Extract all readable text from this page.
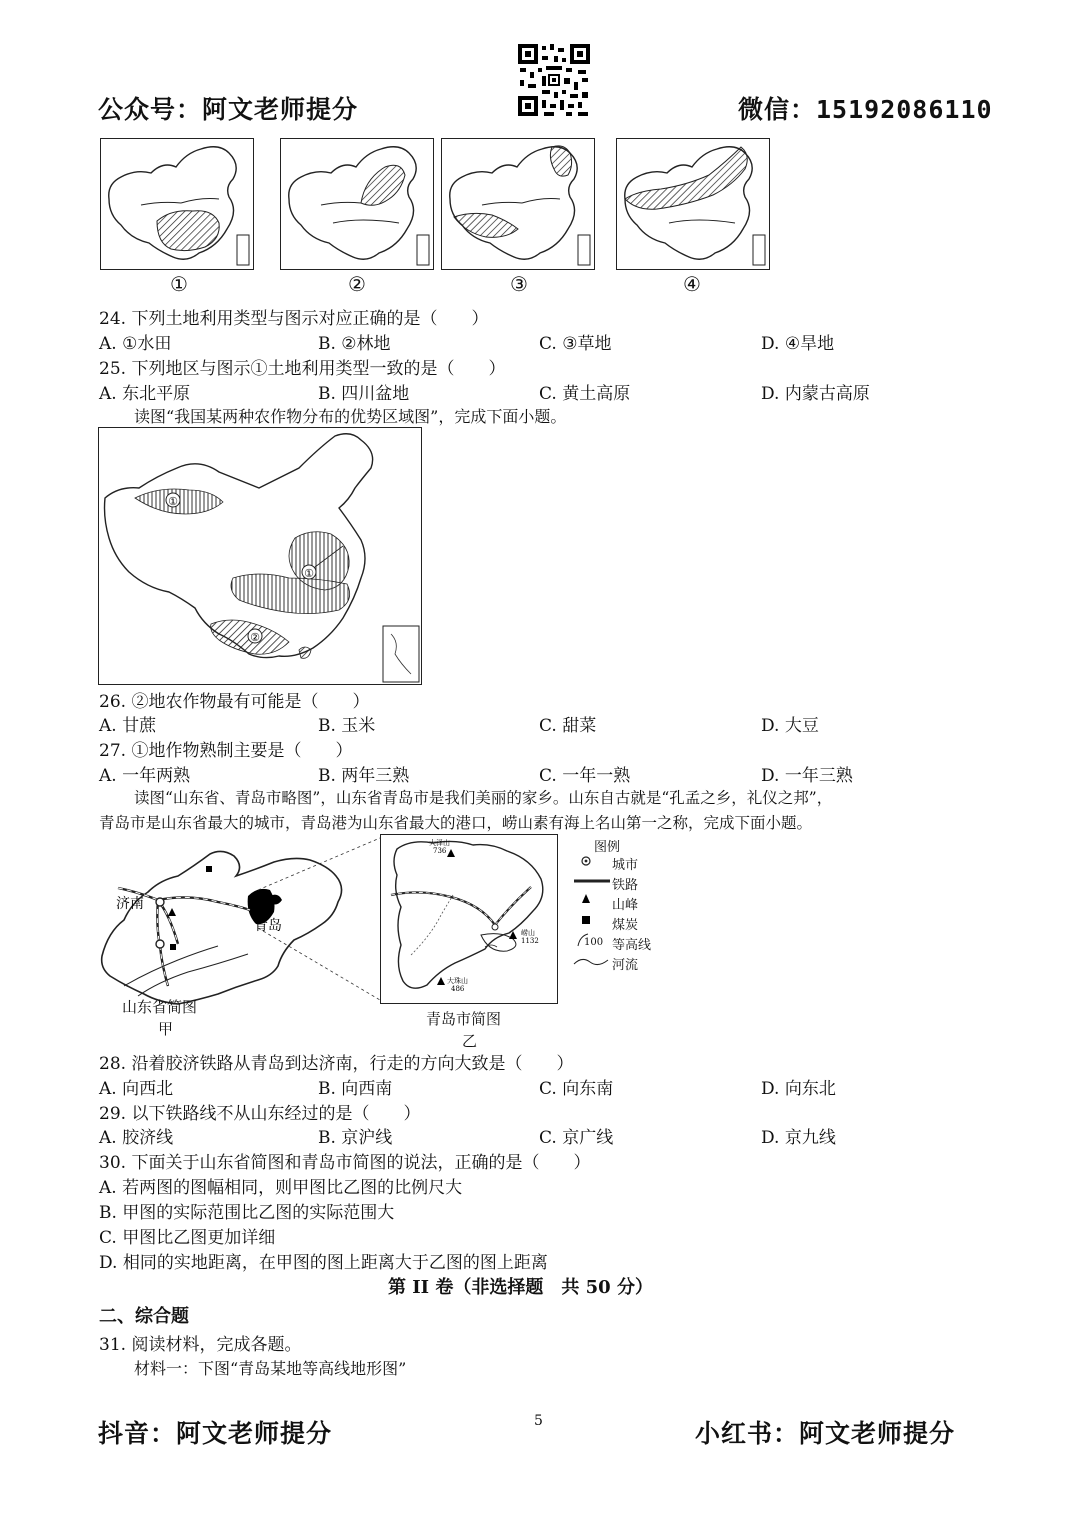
公众号：阿文老师提分	微信：15192086110
①	②	③	④
24. 下列土地利用类型与图示对应正确的是（　　）
A. ①水田	B. ②林地	C. ③草地	D. ④旱地
25. 下列地区与图示①土地利用类型一致的是（　　）
A. 东北平原	B. 四川盆地	C. 黄土高原	D. 内蒙古高原
读图“我国某两种农作物分布的优势区域图”，完成下面小题。
①
①
②
26. ②地农作物最有可能是（　　）
A. 甘蔗	B. 玉米	C. 甜菜	D. 大豆
27. ①地作物熟制主要是（　　）
A. 一年两熟	B. 两年三熟	C. 一年一熟	D. 一年三熟
读图“山东省、青岛市略图”，山东省青岛市是我们美丽的家乡。山东自古就是“孔孟之乡，礼仪之邦”，
青岛市是山东省最大的城市，青岛港为山东省最大的港口，崂山素有海上名山第一之称，完成下面小题。
济南
青岛
山东省简图
甲
大泽山
736
崂山
1132
大珠山
486
青岛市简图
乙
图例
城市
铁路
山峰
煤炭
100 等高线
河流
28. 沿着胶济铁路从青岛到达济南，行走的方向大致是（　　）
A. 向西北	B. 向西南	C. 向东南	D. 向东北
29. 以下铁路线不从山东经过的是（　　）
A. 胶济线	B. 京沪线	C. 京广线	D. 京九线
30. 下面关于山东省简图和青岛市简图的说法，正确的是（　　）
A. 若两图的图幅相同，则甲图比乙图的比例尺大
B. 甲图的实际范围比乙图的实际范围大
C. 甲图比乙图更加详细
D. 相同的实地距离，在甲图的图上距离大于乙图的图上距离
第 II 卷（非选择题　共 50 分）
二、综合题
31. 阅读材料，完成各题。
材料一：下图“青岛某地等高线地形图”
抖音：阿文老师提分	5	小红书：阿文老师提分
